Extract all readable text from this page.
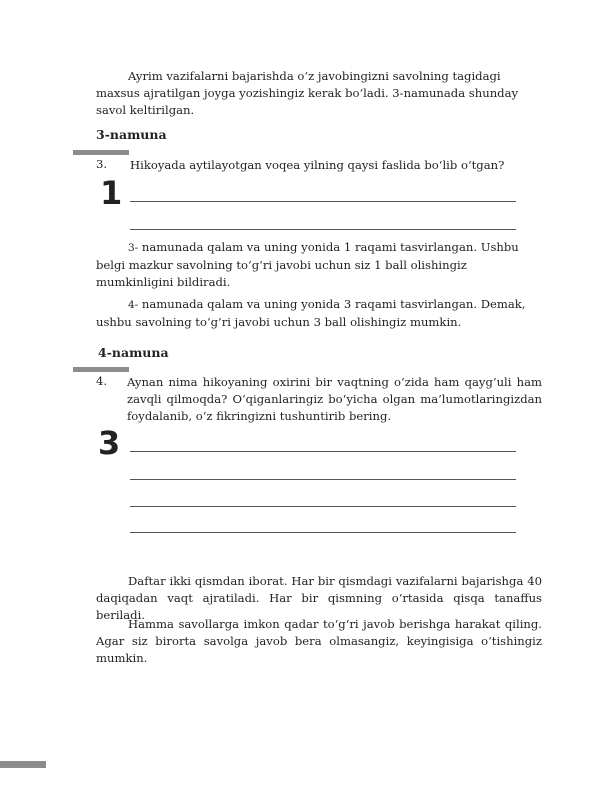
Ayrim vazifalarni bajarishda o‘z javobingizni savolning tagidagi maxsus ajratilgan joyga yozishingiz kerak bo‘ladi. 3-namunada shunday savol keltirilgan.

3-namuna

3. Hikoyada aytilayotgan voqea yilning qaysi faslida bo‘lib o‘tgan?

1

3- namunada qalam va uning yonida 1 raqami tasvirlangan. Ushbu belgi mazkur savolning to‘g‘ri javobi uchun siz 1 ball olishingiz mumkinligini bildiradi.

4- namunada qalam va uning yonida 3 raqami tasvirlangan. Demak, ushbu savolning to‘g‘ri javobi uchun 3 ball olishingiz mumkin.

4-namuna

4. Aynan nima hikoyaning oxirini bir vaqtning o‘zida ham qayg‘uli ham zavqli qilmoqda? O‘qiganlaringiz bo‘yicha olgan ma’lumotlaringizdan foydalanib, o‘z fikringizni tushuntirib bering.

3

Daftar ikki qismdan iborat. Har bir qismdagi vazifalarni bajarishga 40 daqiqadan vaqt ajratiladi. Har bir qismning o‘rtasida qisqa tanaffus beriladi.

Hamma savollarga imkon qadar to‘g‘ri javob berishga harakat qiling. Agar siz birorta savolga javob bera olmasangiz, keyingisiga o‘tishingiz mumkin.
